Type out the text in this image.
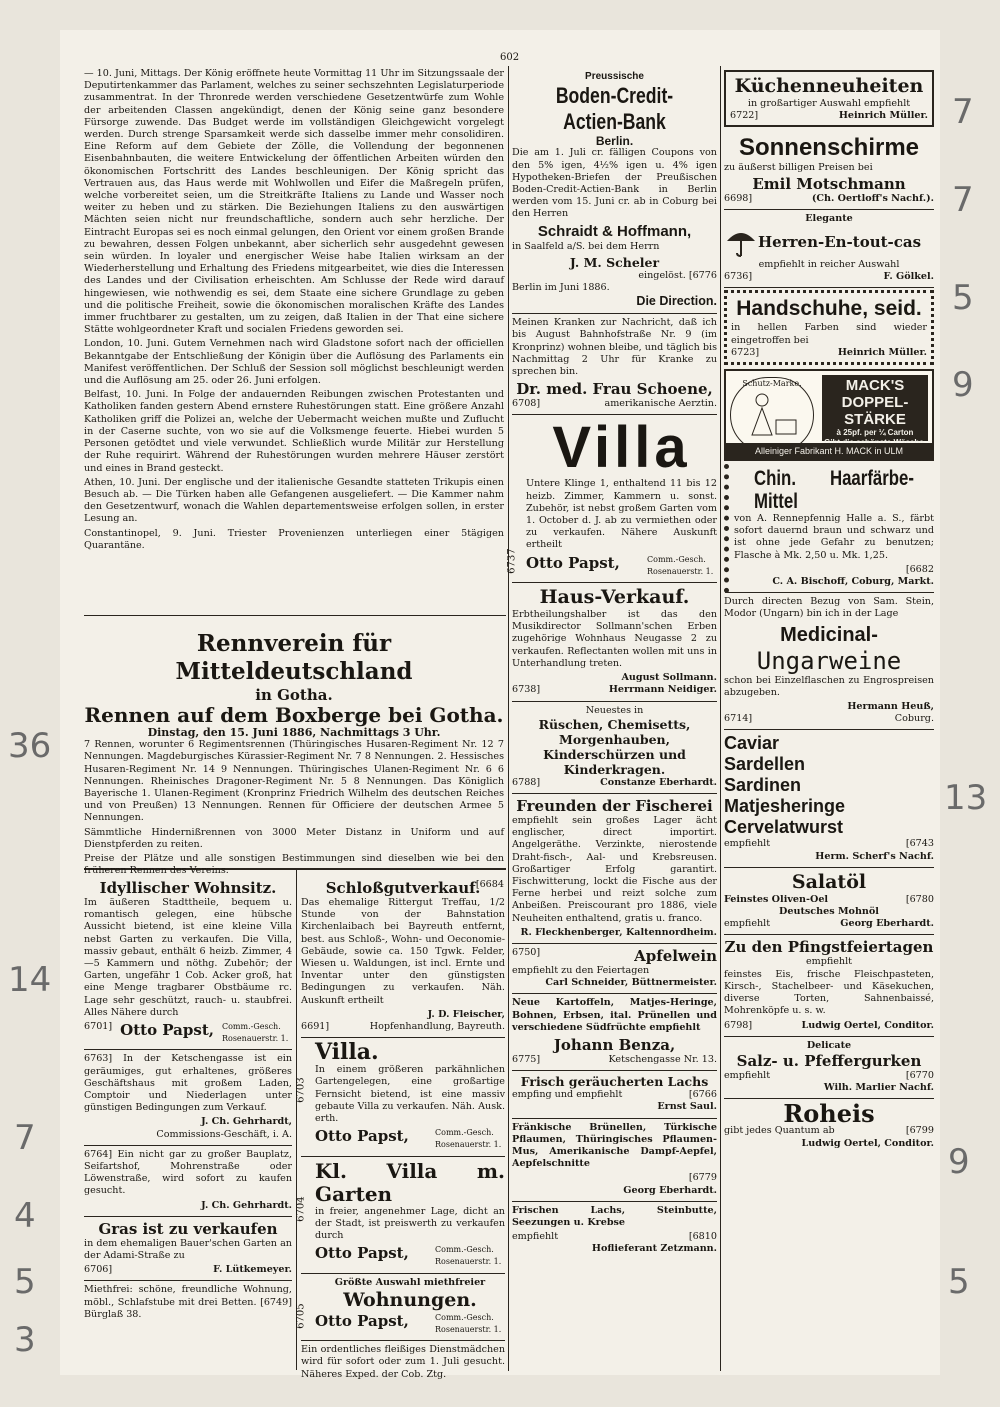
602

— 10. Juni, Mittags. Der König eröffnete heute Vormittag 11 Uhr im Sitzungssaale der Deputirtenkammer das Parlament, welches zu seiner sechszehnten Legislaturperiode zusammentrat. In der Thronrede werden verschiedene Gesetzentwürfe zum Wohle der arbeitenden Classen angekündigt, denen der König seine ganz besondere Fürsorge zuwende. Das Budget werde im vollständigen Gleichgewicht vorgelegt werden. Durch strenge Sparsamkeit werde sich dasselbe immer mehr consolidiren. Eine Reform auf dem Gebiete der Zölle, die Vollendung der begonnenen Eisenbahnbauten, die weitere Entwickelung der öffentlichen Arbeiten würden den ökonomischen Fortschritt des Landes beschleunigen. Der König spricht das Vertrauen aus, das Haus werde mit Wohlwollen und Eifer die Maßregeln prüfen, welche vorbereitet seien, um die Streitkräfte Italiens zu Lande und Wasser noch weiter zu heben und zu stärken. Die Beziehungen Italiens zu den auswärtigen Mächten seien nicht nur freundschaftliche, sondern auch sehr herzliche. Der Eintracht Europas sei es noch einmal gelungen, den Orient vor einem großen Brande zu bewahren, dessen Folgen unbekannt, aber sicherlich sehr ausgedehnt gewesen sein würden. In loyaler und energischer Weise habe Italien wirksam an der Wiederherstellung und Erhaltung des Friedens mitgearbeitet, wie dies die Interessen des Landes und der Civilisation erheischten. Am Schlusse der Rede wird darauf hingewiesen, wie nothwendig es sei, dem Staate eine sichere Grundlage zu geben und die politische Freiheit, sowie die ökonomischen moralischen Kräfte des Landes immer fruchtbarer zu gestalten, um zu zeigen, daß Italien in der That eine sichere Stätte wohlgeordneter Kraft und socialen Friedens geworden sei.

London, 10. Juni. Gutem Vernehmen nach wird Gladstone sofort nach der officiellen Bekanntgabe der Entschließung der Königin über die Auflösung des Parlaments ein Manifest veröffentlichen. Der Schluß der Session soll möglichst beschleunigt werden und die Auflösung am 25. oder 26. Juni erfolgen.

Belfast, 10. Juni. In Folge der andauernden Reibungen zwischen Protestanten und Katholiken fanden gestern Abend ernstere Ruhestörungen statt. Eine größere Anzahl Katholiken griff die Polizei an, welche der Uebermacht weichen mußte und Zuflucht in der Caserne suchte, von wo sie auf die Volksmenge feuerte. Hiebei wurden 5 Personen getödtet und viele verwundet. Schließlich wurde Militär zur Herstellung der Ruhe requirirt. Während der Ruhestörungen wurden mehrere Häuser zerstört und eines in Brand gesteckt.

Athen, 10. Juni. Der englische und der italienische Gesandte statteten Trikupis einen Besuch ab. — Die Türken haben alle Gefangenen ausgeliefert. — Die Kammer nahm den Gesetzentwurf, wonach die Wahlen departementsweise erfolgen sollen, in erster Lesung an.

Constantinopel, 9. Juni. Triester Provenienzen unterliegen einer 5tägigen Quarantäne.

Rennverein für Mitteldeutschland
in Gotha.
Rennen auf dem Boxberge bei Gotha.
Dinstag, den 15. Juni 1886, Nachmittags 3 Uhr.

7 Rennen, worunter 6 Regimentsrennen (Thüringisches Husaren-Regiment Nr. 12 7 Nennungen. Magdeburgisches Kürassier-Regiment Nr. 7 8 Nennungen. 2. Hessisches Husaren-Regiment Nr. 14 9 Nennungen. Thüringisches Ulanen-Regiment Nr. 6 6 Nennungen. Rheinisches Dragoner-Regiment Nr. 5 8 Nennungen. Das Königlich Bayerische 1. Ulanen-Regiment (Kronprinz Friedrich Wilhelm des deutschen Reiches und von Preußen) 13 Nennungen. Rennen für Officiere der deutschen Armee 5 Nennungen.

Sämmtliche Hindernißrennen von 3000 Meter Distanz in Uniform und auf Dienstpferden zu reiten.

Preise der Plätze und alle sonstigen Bestimmungen sind dieselben wie bei den früheren Rennen des Vereins.

[6684
Idyllischer Wohnsitz.

Im äußeren Stadttheile, bequem u. romantisch gelegen, eine hübsche Aussicht bietend, ist eine kleine Villa nebst Garten zu verkaufen. Die Villa, massiv gebaut, enthält 6 heizb. Zimmer, 4—5 Kammern und nöthg. Zubehör; der Garten, ungefähr 1 Cob. Acker groß, hat eine Menge tragbarer Obstbäume rc. Lage sehr geschützt, rauch- u. staubfrei. Alles Nähere durch

6701] Otto Papst, Comm.-Gesch. Rosenauerstr. 1.

6763] In der Ketschengasse ist ein geräumiges, gut erhaltenes, größeres Geschäftshaus mit großem Laden, Comptoir und Niederlagen unter günstigen Bedingungen zum Verkauf.

J. Ch. Gehrhardt,
Commissions-Geschäft, i. A.

6764] Ein nicht gar zu großer Bauplatz, Seifartshof, Mohrenstraße oder Löwenstraße, wird sofort zu kaufen gesucht.

J. Ch. Gehrhardt.
Gras ist zu verkaufen

in dem ehemaligen Bauer'schen Garten an der Adami-Straße zu

6706]	F. Lütkemeyer.

Miethfrei: schöne, freundliche Wohnung, möbl., Schlafstube mit drei Betten. [6749] Bürglaß 38.

Schloßgutverkauf.

Das ehemalige Rittergut Treffau, 1/2 Stunde von der Bahnstation Kirchenlaibach bei Bayreuth entfernt, best. aus Schloß-, Wohn- und Oeconomie-Gebäude, sowie ca. 150 Tgwk. Felder, Wiesen u. Waldungen, ist incl. Ernte und Inventar unter den günstigsten Bedingungen zu verkaufen. Näh. Auskunft ertheilt

J. D. Fleischer,
6691]	Hopfenhandlung, Bayreuth.
6703
Villa.

In einem größeren parkähnlichen Gartengelegen, eine großartige Fernsicht bietend, ist eine massiv gebaute Villa zu verkaufen. Näh. Ausk. erth.

Otto Papst,	Comm.-Gesch. Rosenauerstr. 1.
6704
Kl. Villa m. Garten

in freier, angenehmer Lage, dicht an der Stadt, ist preiswerth zu verkaufen durch

Otto Papst,	Comm.-Gesch. Rosenauerstr. 1.
6705
Größte Auswahl miethfreier
Wohnungen.
Otto Papst,	Comm.-Gesch. Rosenauerstr. 1.

Ein ordentliches fleißiges Dienstmädchen wird für sofort oder zum 1. Juli gesucht. Näheres Exped. der Cob. Ztg.

Preussische
Boden-Credit-Actien-Bank
Berlin.

Die am 1. Juli cr. fälligen Coupons von den 5% igen, 4½% igen u. 4% igen Hypotheken-Briefen der Preußischen Boden-Credit-Actien-Bank in Berlin werden vom 15. Juni cr. ab in Coburg bei den Herren

Schraidt & Hoffmann,

in Saalfeld a/S. bei dem Herrn

J. M. Scheler
eingelöst. [6776
Berlin im Juni 1886.
Die Direction.

Meinen Kranken zur Nachricht, daß ich bis August Bahnhofstraße Nr. 9 (im Kronprinz) wohnen bleibe, und täglich bis Nachmittag 2 Uhr für Kranke zu sprechen bin.

Dr. med. Frau Schoene,
6708]	amerikanische Aerztin.
6737
Villa

Untere Klinge 1, enthaltend 11 bis 12 heizb. Zimmer, Kammern u. sonst. Zubehör, ist nebst großem Garten vom 1. October d. J. ab zu vermiethen oder zu verkaufen. Nähere Auskunft ertheilt

Otto Papst,	Comm.-Gesch. Rosenauerstr. 1.
Haus-Verkauf.

Erbtheilungshalber ist das den Musikdirector Sollmann'schen Erben zugehörige Wohnhaus Neugasse 2 zu verkaufen. Reflectanten wollen mit uns in Unterhandlung treten.

August Sollmann.
6738]	Herrmann Neidiger.
Neuestes in
Rüschen, Chemisetts, Morgenhauben, Kinderschürzen und Kinderkragen.
6788]	Constanze Eberhardt.
Freunden der Fischerei

empfiehlt sein großes Lager ächt englischer, direct importirt. Angelgeräthe. Verzinkte, nierostende Draht-fisch-, Aal- und Krebsreusen. Großartiger Erfolg garantirt. Fischwitterung, lockt die Fische aus der Ferne herbei und reizt solche zum Anbeißen. Preiscourant pro 1886, viele Neuheiten enthaltend, gratis u. franco.

R. Fleckhenberger, Kaltennordheim.
6750]	Apfelwein
empfiehlt zu den Feiertagen
Carl Schneider, Büttnermeister.

Neue Kartoffeln, Matjes-Heringe, Bohnen, Erbsen, ital. Prünellen und verschiedene Südfrüchte empfiehlt

Johann Benza,
6775]	Ketschengasse Nr. 13.
Frisch geräucherten Lachs
empfing und empfiehlt	[6766
Ernst Saul.

Fränkische Brünellen, Türkische Pflaumen, Thüringisches Pflaumen-Mus, Amerikanische Dampf-Aepfel, Aepfelschnitte

[6779
Georg Eberhardt.

Frischen Lachs, Steinbutte, Seezungen u. Krebse

empfiehlt	[6810
Hoflieferant Zetzmann.
Küchenneuheiten
in großartiger Auswahl empfiehlt
6722]	Heinrich Müller.
Sonnenschirme
zu äußerst billigen Preisen bei
Emil Motschmann
6698]	(Ch. Oertloff's Nachf.).
Elegante
Herren-En-tout-cas
empfiehlt in reicher Auswahl
6736]	F. Gölkel.
Handschuhe, seid.
in hellen Farben sind wieder eingetroffen bei
6723]	Heinrich Müller.
Schutz-Marke.	MACK'S
DOPPEL-
STÄRKE
à 25pf. per ¼ Carton
Alleiniger Fabrikant H. MACK in ULM
Chin. Haarfärbe-Mittel

von A. Rennepfennig Halle a. S., färbt sofort dauernd braun und schwarz und ist ohne jede Gefahr zu benutzen; Flasche à Mk. 2,50 u. Mk. 1,25.

[6682
C. A. Bischoff, Coburg, Markt.

Durch directen Bezug von Sam. Stein, Modor (Ungarn) bin ich in der Lage

Medicinal-
Ungarweine

schon bei Einzelflaschen zu Engrospreisen abzugeben.

Hermann Heuß,
6714]	Coburg.
Caviar
Sardellen
Sardinen
Matjesheringe
Cervelatwurst
empfiehlt	[6743
Herm. Scherf's Nachf.
Salatöl
Feinstes Oliven-Oel	[6780
Deutsches Mohnöl
empfiehlt	Georg Eberhardt.
Zu den Pfingstfeiertagen
empfiehlt

feinstes Eis, frische Fleischpasteten, Kirsch-, Stachelbeer- und Käsekuchen, diverse Torten, Sahnenbaissé, Mohrenköpfe u. s. w.

6798]	Ludwig Oertel, Conditor.
Delicate
Salz- u. Pfeffergurken
empfiehlt	[6770
Wilh. Marlier Nachf.
Roheis
gibt jedes Quantum ab	[6799
Ludwig Oertel, Conditor.
7
7
5
9
36
14
7
4
5
3
13
9
5
